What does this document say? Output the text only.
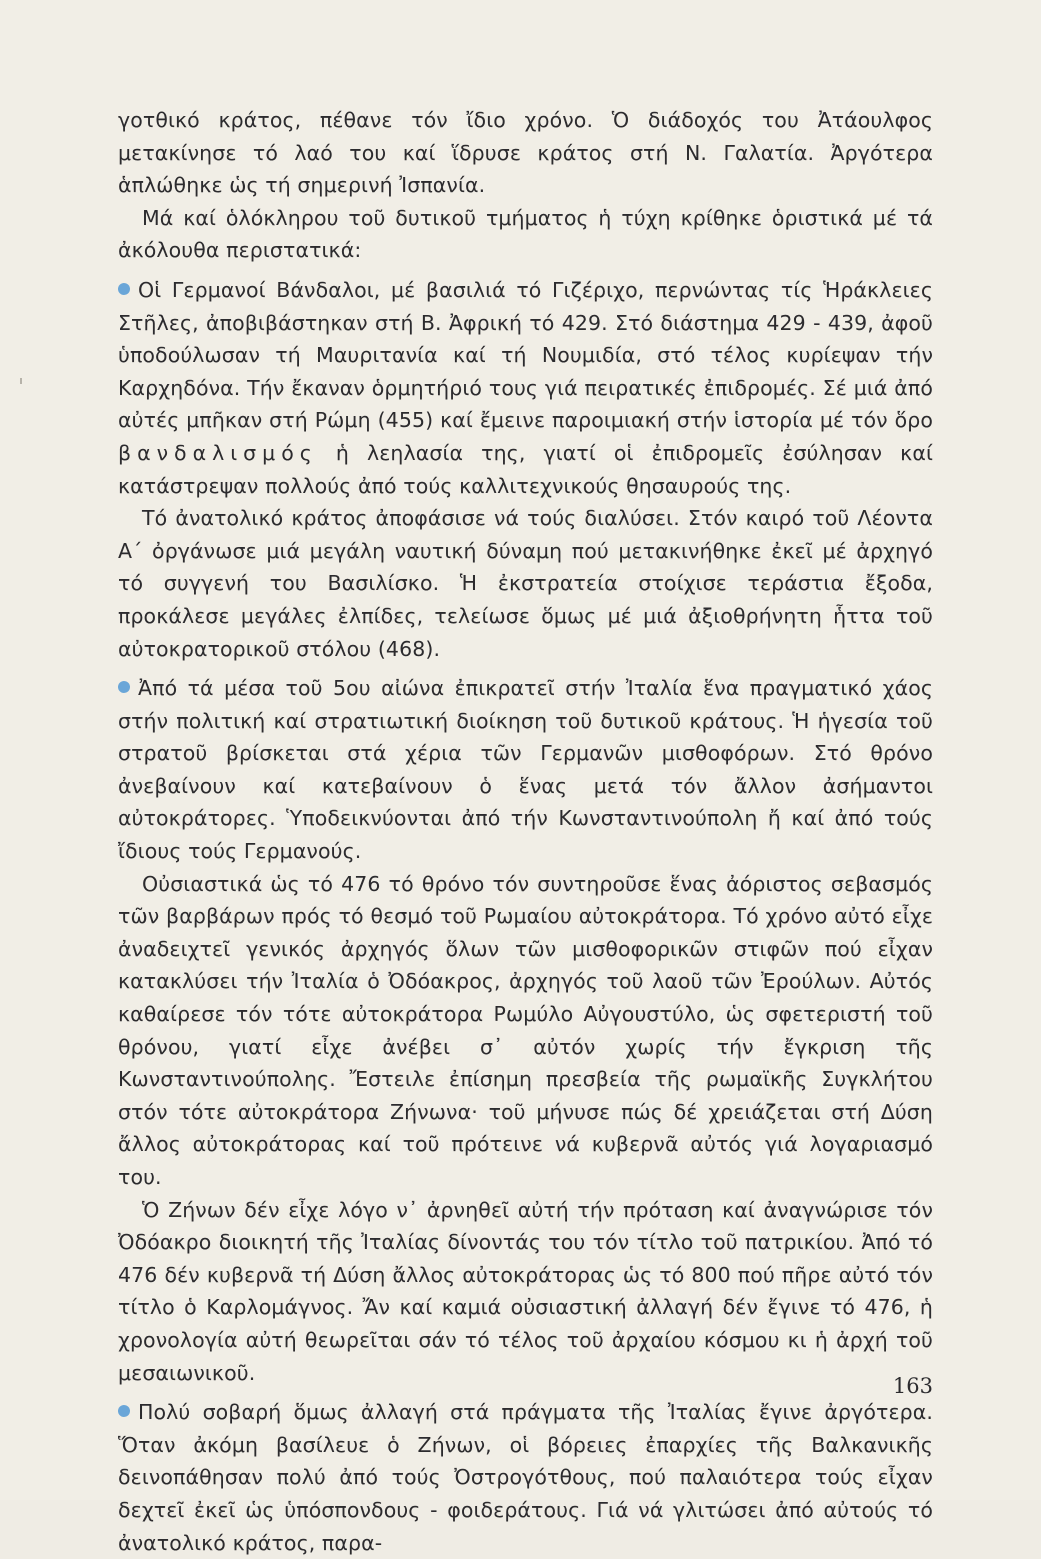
γοτθικό κράτος, πέθανε τόν ἴδιο χρόνο. Ὁ διάδοχός του Ἀτάουλφος μετακίνησε τό λαό του καί ἵδρυσε κράτος στή Ν. Γαλατία. Ἀργότερα ἁπλώθηκε ὡς τή σημερινή Ἰσπανία.

Μά καί ὁλόκληρου τοῦ δυτικοῦ τμήματος ἡ τύχη κρίθηκε ὁριστικά μέ τά ἀκόλουθα περιστατικά:

Οἱ Γερμανοί Βάνδαλοι, μέ βασιλιά τό Γιζέριχο, περνώντας τίς Ἡράκλειες Στῆλες, ἀποβιβάστηκαν στή Β. Ἀφρική τό 429. Στό διάστημα 429 - 439, ἀφοῦ ὑποδούλωσαν τή Μαυριτανία καί τή Νουμιδία, στό τέλος κυρίεψαν τήν Καρχηδόνα. Τήν ἔκαναν ὁρμητήριό τους γιά πειρατικές ἐπιδρομές. Σέ μιά ἀπό αὐτές μπῆκαν στή Ρώμη (455) καί ἔμεινε παροιμιακή στήν ἱστορία μέ τόν ὅρο βανδαλισμός ἡ λεηλασία της, γιατί οἱ ἐπιδρομεῖς ἐσύλησαν καί κατάστρεψαν πολλούς ἀπό τούς καλλιτεχνικούς θησαυρούς της.

Τό ἀνατολικό κράτος ἀποφάσισε νά τούς διαλύσει. Στόν καιρό τοῦ Λέοντα Α΄ ὀργάνωσε μιά μεγάλη ναυτική δύναμη πού μετακινήθηκε ἐκεῖ μέ ἀρχηγό τό συγγενή του Βασιλίσκο. Ἡ ἐκστρατεία στοίχισε τεράστια ἔξοδα, προκάλεσε μεγάλες ἐλπίδες, τελείωσε ὅμως μέ μιά ἀξιοθρήνητη ἧττα τοῦ αὐτοκρατορικοῦ στόλου (468).

Ἀπό τά μέσα τοῦ 5ου αἰώνα ἐπικρατεῖ στήν Ἰταλία ἕνα πραγματικό χάος στήν πολιτική καί στρατιωτική διοίκηση τοῦ δυτικοῦ κράτους. Ἡ ἡγεσία τοῦ στρατοῦ βρίσκεται στά χέρια τῶν Γερμανῶν μισθοφόρων. Στό θρόνο ἀνεβαίνουν καί κατεβαίνουν ὁ ἕνας μετά τόν ἄλλον ἀσήμαντοι αὐτοκράτορες. Ὑποδεικνύονται ἀπό τήν Κωνσταντινούπολη ἤ καί ἀπό τούς ἴδιους τούς Γερμανούς.

Οὐσιαστικά ὡς τό 476 τό θρόνο τόν συντηροῦσε ἕνας ἀόριστος σεβασμός τῶν βαρβάρων πρός τό θεσμό τοῦ Ρωμαίου αὐτοκράτορα. Τό χρόνο αὐτό εἶχε ἀναδειχτεῖ γενικός ἀρχηγός ὅλων τῶν μισθοφορικῶν στιφῶν πού εἶχαν κατακλύσει τήν Ἰταλία ὁ Ὀδόακρος, ἀρχηγός τοῦ λαοῦ τῶν Ἐρούλων. Αὐτός καθαίρεσε τόν τότε αὐτοκράτορα Ρωμύλο Αὐγουστύλο, ὡς σφετεριστή τοῦ θρόνου, γιατί εἶχε ἀνέβει σ᾽ αὐτόν χωρίς τήν ἔγκριση τῆς Κωνσταντινούπολης. Ἔστειλε ἐπίσημη πρεσβεία τῆς ρωμαϊκῆς Συγκλήτου στόν τότε αὐτοκράτορα Ζήνωνα· τοῦ μήνυσε πώς δέ χρειάζεται στή Δύση ἄλλος αὐτοκράτορας καί τοῦ πρότεινε νά κυβερνᾶ αὐτός γιά λογαριασμό του.

Ὁ Ζήνων δέν εἶχε λόγο ν᾽ ἀρνηθεῖ αὐτή τήν πρόταση καί ἀναγνώρισε τόν Ὀδόακρο διοικητή τῆς Ἰταλίας δίνοντάς του τόν τίτλο τοῦ πατρικίου. Ἀπό τό 476 δέν κυβερνᾶ τή Δύση ἄλλος αὐτοκράτορας ὡς τό 800 πού πῆρε αὐτό τόν τίτλο ὁ Καρλομάγνος. Ἄν καί καμιά οὐσιαστική ἀλλαγή δέν ἔγινε τό 476, ἡ χρονολογία αὐτή θεωρεῖται σάν τό τέλος τοῦ ἀρχαίου κόσμου κι ἡ ἀρχή τοῦ μεσαιωνικοῦ.

Πολύ σοβαρή ὅμως ἀλλαγή στά πράγματα τῆς Ἰταλίας ἔγινε ἀργότερα. Ὅταν ἀκόμη βασίλευε ὁ Ζήνων, οἱ βόρειες ἐπαρχίες τῆς Βαλκανικῆς δεινοπάθησαν πολύ ἀπό τούς Ὀστρογότθους, πού παλαιότερα τούς εἶχαν δεχτεῖ ἐκεῖ ὡς ὑπόσπονδους - φοιδεράτους. Γιά νά γλιτώσει ἀπό αὐτούς τό ἀνατολικό κράτος, παρα-

163
